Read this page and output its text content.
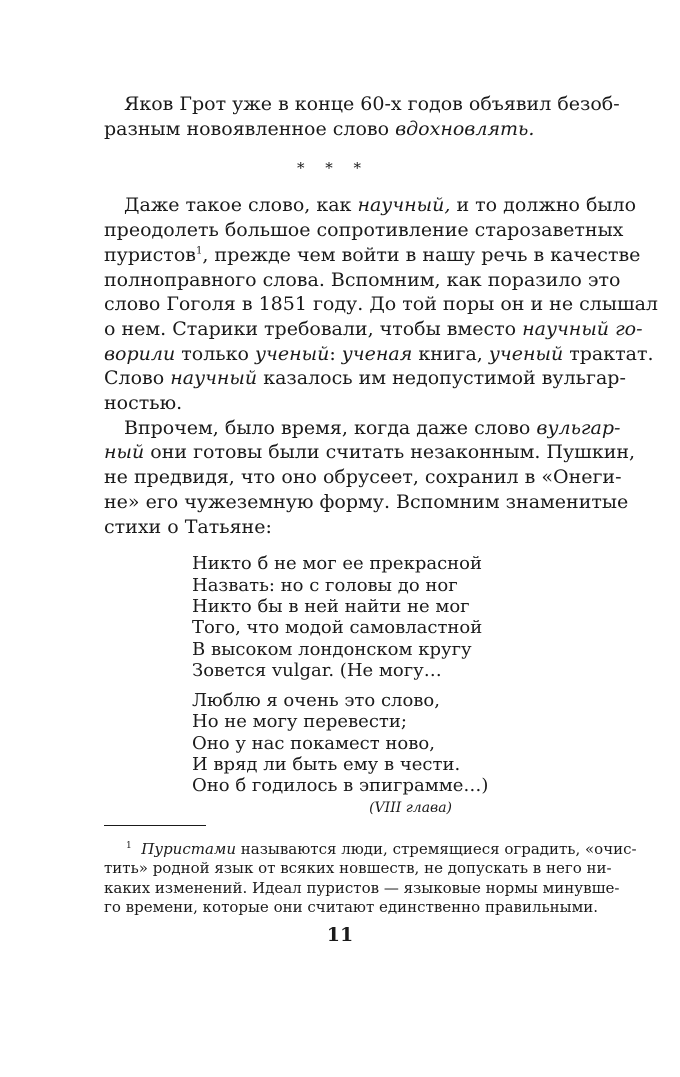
Яков Грот уже в конце 60-х годов объявил безоб-
разным новоявленное слово вдохновлять.

* * *

Даже такое слово, как научный, и то должно было
преодолеть большое сопротивление старозаветных
пуристов$^1$, прежде чем войти в нашу речь в качестве
полноправного слова. Вспомним, как поразило это
слово Гоголя в 1851 году. До той поры он и не слышал
о нем. Старики требовали, чтобы вместо научный го-
ворили только ученый: ученая книга, ученый трактат.
Слово научный казалось им недопустимой вульгар-
ностью.

Впрочем, было время, когда даже слово вульгар-
ный они готовы были считать незаконным. Пушкин,
не предвидя, что оно обрусеет, сохранил в «Онеги-
не» его чужеземную форму. Вспомним знаменитые
стихи о Татьяне:

Никто б не мог ее прекрасной
Назвать: но с головы до ног
Никто бы в ней найти не мог
Того, что модой самовластной
В высоком лондонском кругу
Зовется vulgar. (Не могу…
Люблю я очень это слово,
Но не могу перевести;
Оно у нас покамест ново,
И вряд ли быть ему в чести.
Оно б годилось в эпиграмме…)
(VIII глава)
$^1$ Пуристами называются люди, стремящиеся оградить, «очис-
тить» родной язык от всяких новшеств, не допускать в него ни-
каких изменений. Идеал пуристов — языковые нормы минувше-
го времени, которые они считают единственно правильными.
11
